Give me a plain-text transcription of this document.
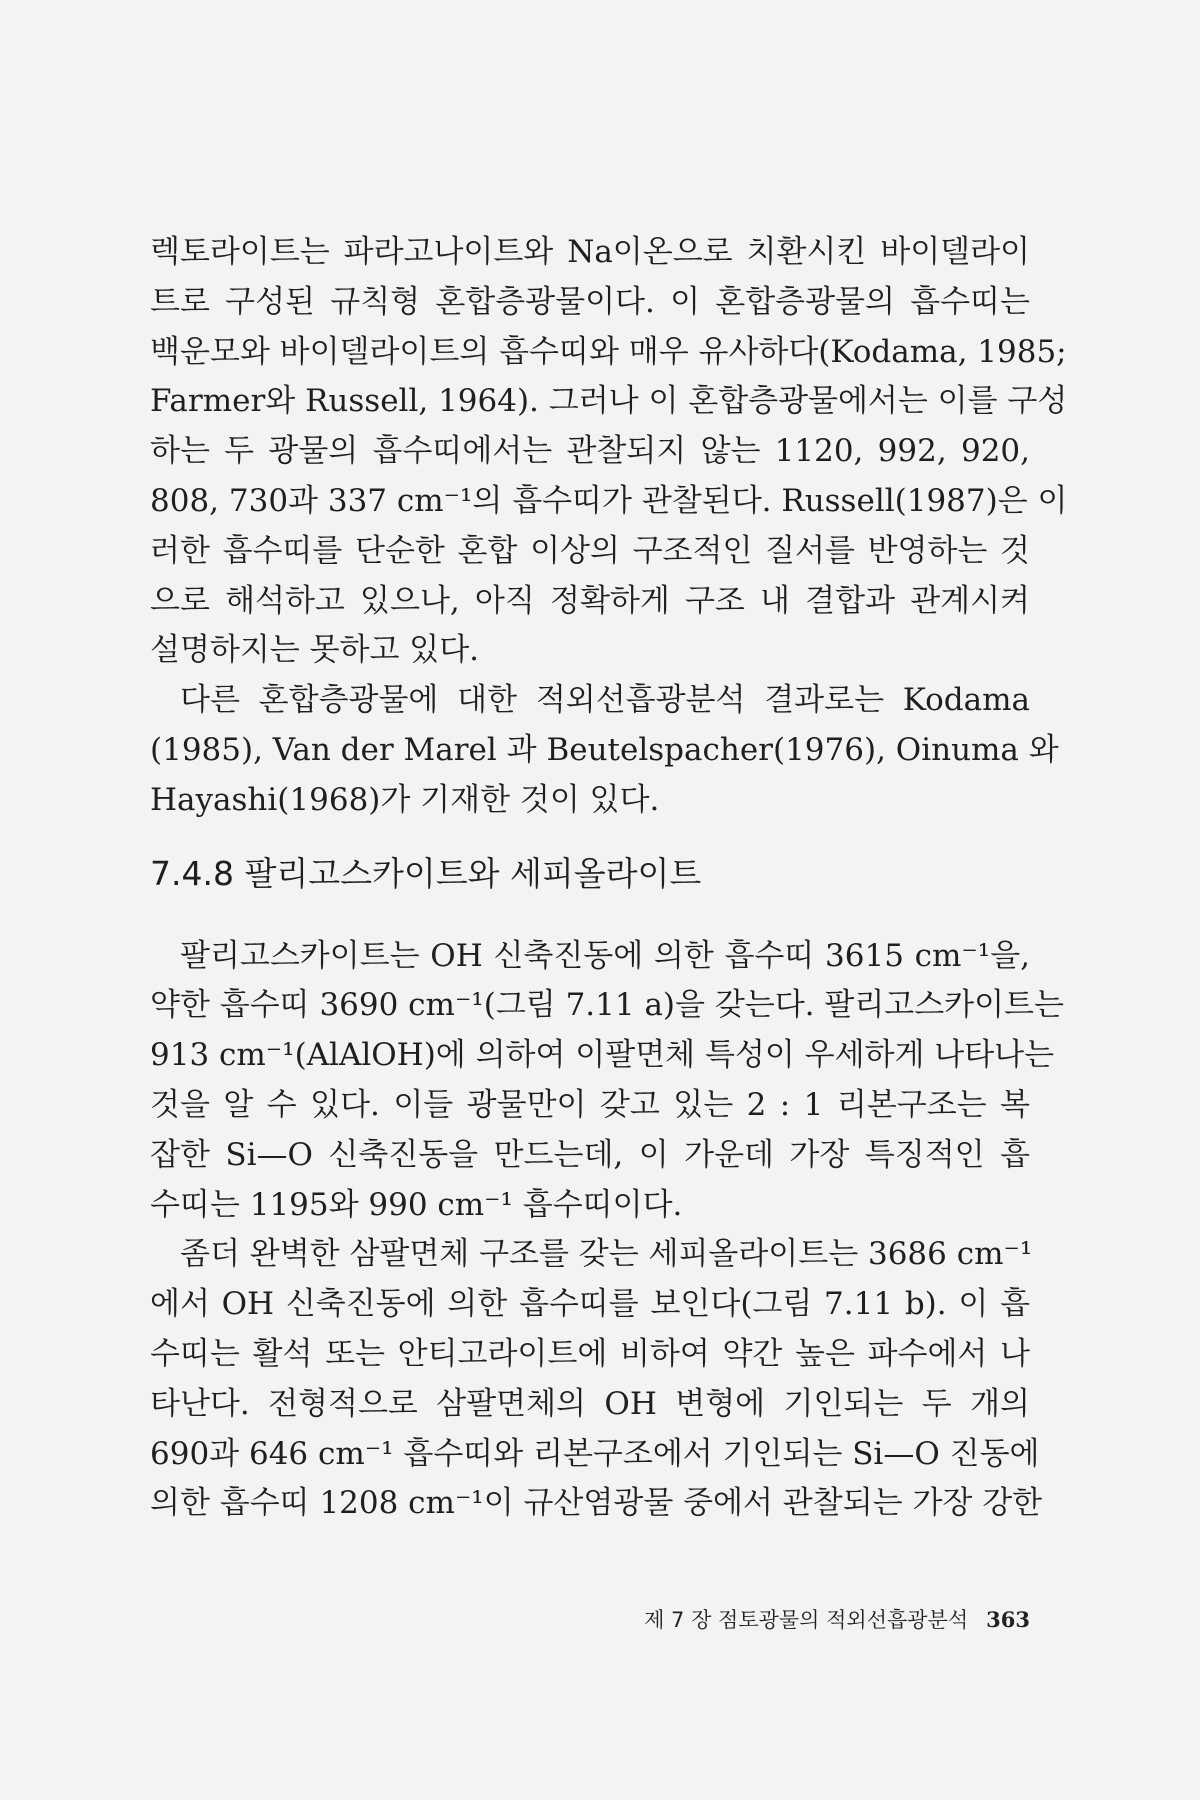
렉토라이트는 파라고나이트와 Na이온으로 치환시킨 바이델라이
트로 구성된 규칙형 혼합층광물이다. 이 혼합층광물의 흡수띠는
백운모와 바이델라이트의 흡수띠와 매우 유사하다(Kodama, 1985;
Farmer와 Russell, 1964). 그러나 이 혼합층광물에서는 이를 구성
하는 두 광물의 흡수띠에서는 관찰되지 않는 1120, 992, 920,
808, 730과 337 cm⁻¹의 흡수띠가 관찰된다. Russell(1987)은 이
러한 흡수띠를 단순한 혼합 이상의 구조적인 질서를 반영하는 것
으로 해석하고 있으나, 아직 정확하게 구조 내 결합과 관계시켜
설명하지는 못하고 있다.
다른 혼합층광물에 대한 적외선흡광분석 결과로는 Kodama
(1985), Van der Marel 과 Beutelspacher(1976), Oinuma 와
Hayashi(1968)가 기재한 것이 있다.
7.4.8 팔리고스카이트와 세피올라이트
팔리고스카이트는 OH 신축진동에 의한 흡수띠 3615 cm⁻¹을,
약한 흡수띠 3690 cm⁻¹(그림 7.11 a)을 갖는다. 팔리고스카이트는
913 cm⁻¹(AlAlOH)에 의하여 이팔면체 특성이 우세하게 나타나는
것을 알 수 있다. 이들 광물만이 갖고 있는 2 : 1 리본구조는 복
잡한 Si—O 신축진동을 만드는데, 이 가운데 가장 특징적인 흡
수띠는 1195와 990 cm⁻¹ 흡수띠이다.
좀더 완벽한 삼팔면체 구조를 갖는 세피올라이트는 3686 cm⁻¹
에서 OH 신축진동에 의한 흡수띠를 보인다(그림 7.11 b). 이 흡
수띠는 활석 또는 안티고라이트에 비하여 약간 높은 파수에서 나
타난다. 전형적으로 삼팔면체의 OH 변형에 기인되는 두 개의
690과 646 cm⁻¹ 흡수띠와 리본구조에서 기인되는 Si—O 진동에
의한 흡수띠 1208 cm⁻¹이 규산염광물 중에서 관찰되는 가장 강한
제 7 장 점토광물의 적외선흡광분석 363
